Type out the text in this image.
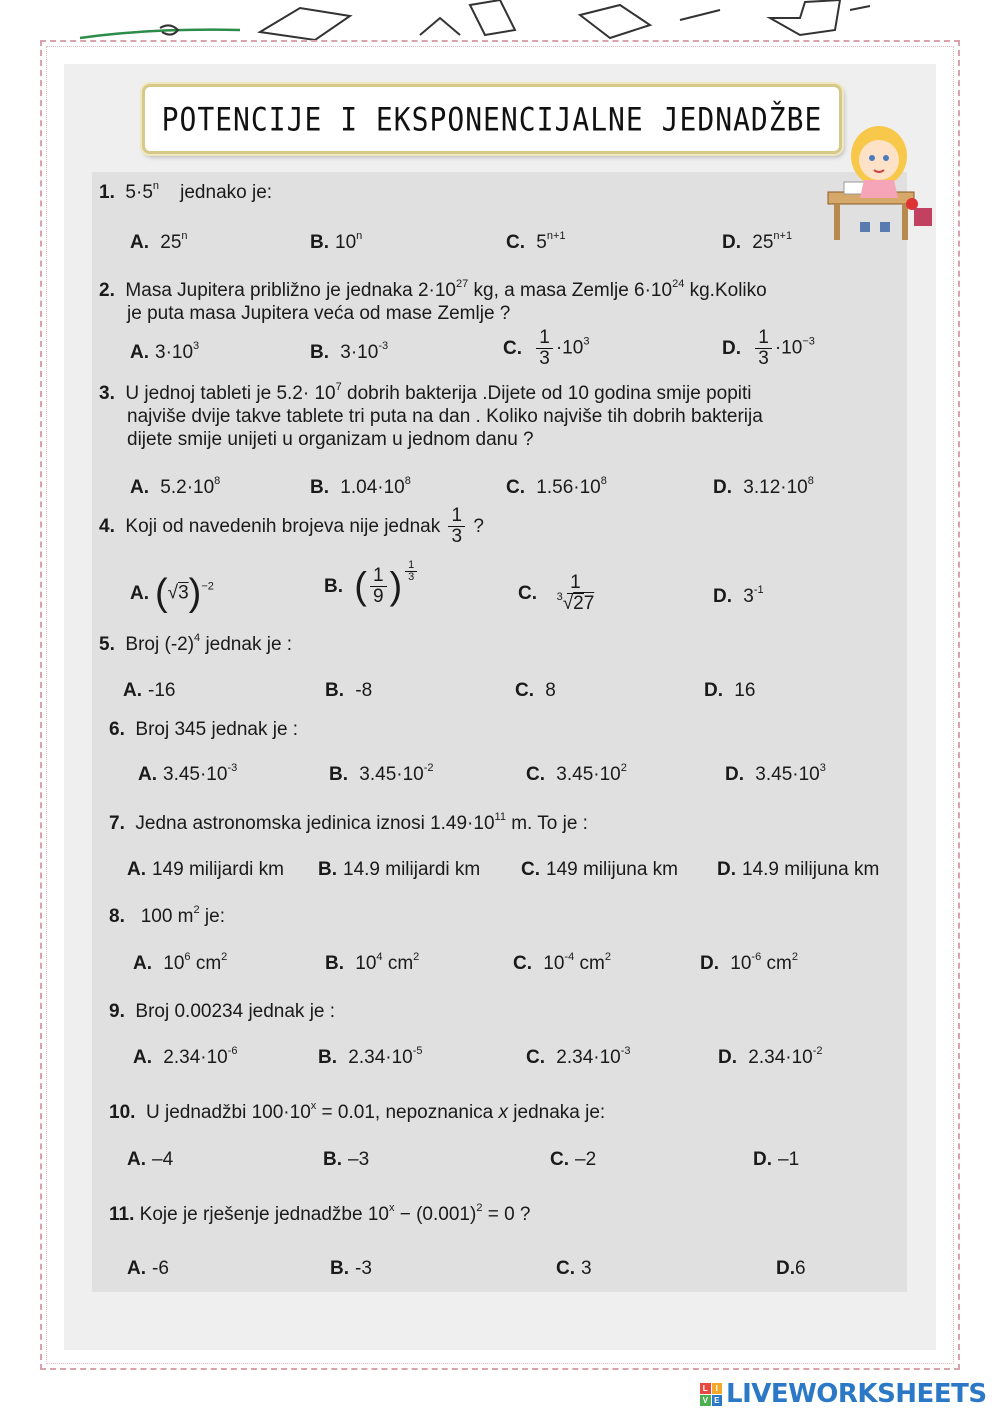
POTENCIJE I EKSPONENCIJALNE JEDNADŽBE
1. $5\cdot 5^n$ jednako je:
A. 25$^n$	B. 10$^n$	C. $5^{n+1}$	D. $25^{n+1}$
2. Masa Jupitera približno je jednaka $2\cdot 10^{27}$ kg, a masa Zemlje $6\cdot 10^{24}$ kg.Koliko
je puta masa Jupitera veća od mase Zemlje ?
A. $3\cdot 10^3$	B. $3\cdot 10^{-3}$	C. $\frac{1}{3} \cdot 10^3$	D. $\frac{1}{3} \cdot 10^{-3}$
3. U jednoj tableti je $5.2\cdot 10^7$ dobrih bakterija .Dijete od 10 godina smije popiti
najviše dvije takve tablete tri puta na dan . Koliko najviše tih dobrih bakterija
dijete smije unijeti u organizam u jednom danu ?
A. $5.2\cdot 10^8$	B. $1.04\cdot 10^8$	C. $1.56\cdot 10^8$	D. $3.12\cdot 10^8$
4. Koji od navedenih brojeva nije jednak $\frac{1}{3}$ ?
A. $(√3)^{-2}$	B. ( $\frac{1}{9}$ ) $\frac{1}{3}$
C. $\frac{1}{^3√27}$	D. $3^{-1}$
5. Broj $(-2)^4$ jednak je :
A. -16	B. -8	C. 8	D. 16
6. Broj 345 jednak je :
A. $3.45\cdot 10^{-3}$	B. $3.45\cdot 10^{-2}$	C. $3.45\cdot 10^2$	D. $3.45\cdot 10^3$
7. Jedna astronomska jedinica iznosi $1.49\cdot 10^{11}$ m. To je :
A. 149 milijardi km B. 14.9 milijardi km C. 149 milijuna km D. 14.9 milijuna km
8. 100 $m^2$ je:
A. $10^6$ $cm^2$	B. $10^4$ $cm^2$	C. $10^{-4}$ $cm^2$	D. $10^{-6}$ $cm^2$
9. Broj 0.00234 jednak je :
A. $2.34\cdot 10^{-6}$	B. $2.34\cdot 10^{-5}$	C. $2.34\cdot 10^{-3}$	D. $2.34\cdot 10^{-2}$
10. U jednadžbi $100\cdot 10^x = 0.01$, nepoznanica x jednaka je:
A. –4	B. –3	C. –2	D. –1
11. Koje je rješenje jednadžbe $10^x - (0.001)^2 = 0$ ?
A. -6	B. -3	C. 3	D.6
L I
V E LIVEWORKSHEETS
